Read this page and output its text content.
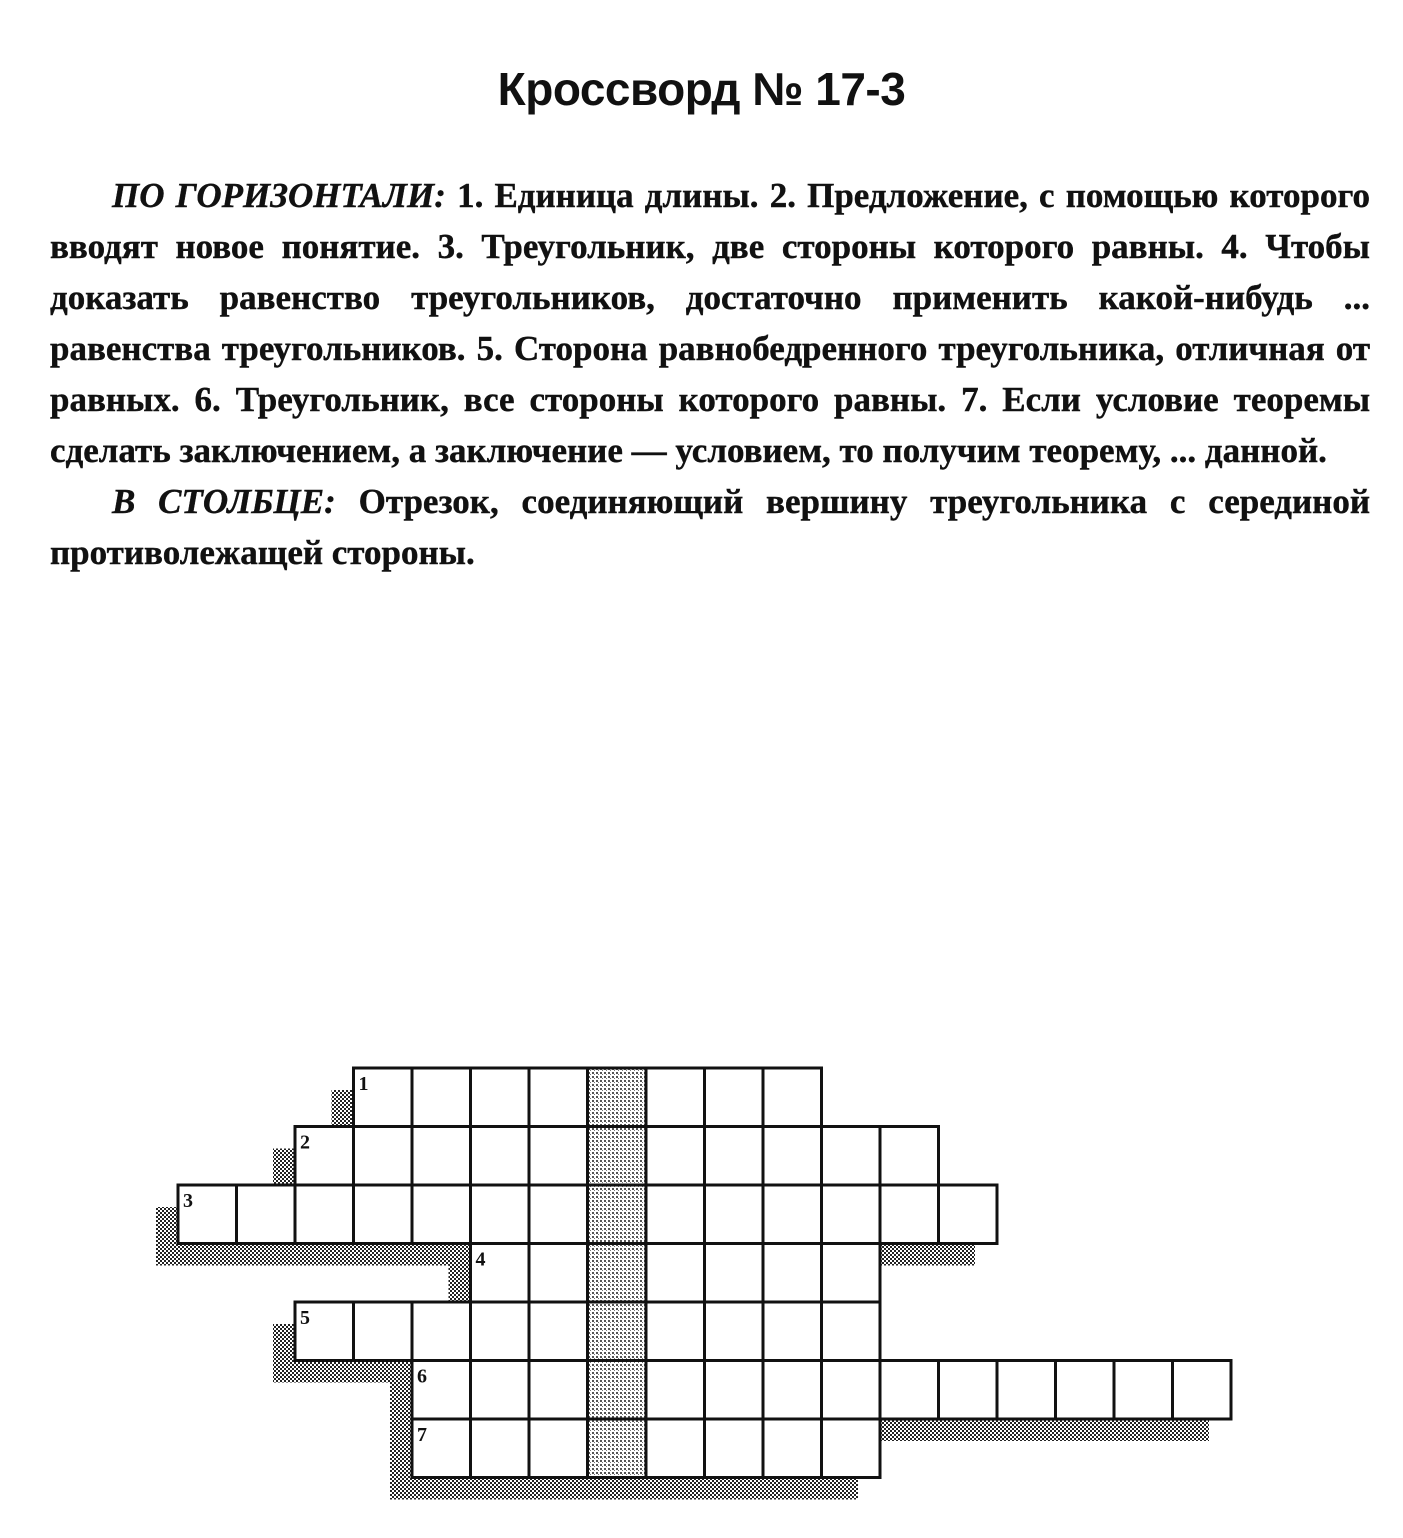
Кроссворд № 17-3

ПО ГОРИЗОНТАЛИ: 1. Единица длины. 2. Предложение, с помощью которого вводят новое понятие. 3. Треугольник, две стороны которого равны. 4. Чтобы доказать равенство треугольников, достаточно применить какой-нибудь ... равенства треугольников. 5. Сторона равнобедренного треугольника, отличная от равных. 6. Треугольник, все стороны которого равны. 7. Если условие теоремы сделать заключением, а заключение — условием, то получим теорему, ... данной.

В СТОЛБЦЕ: Отрезок, соединяющий вершину треугольника с серединой противолежащей стороны.

1
2
3
4
5
6
7
